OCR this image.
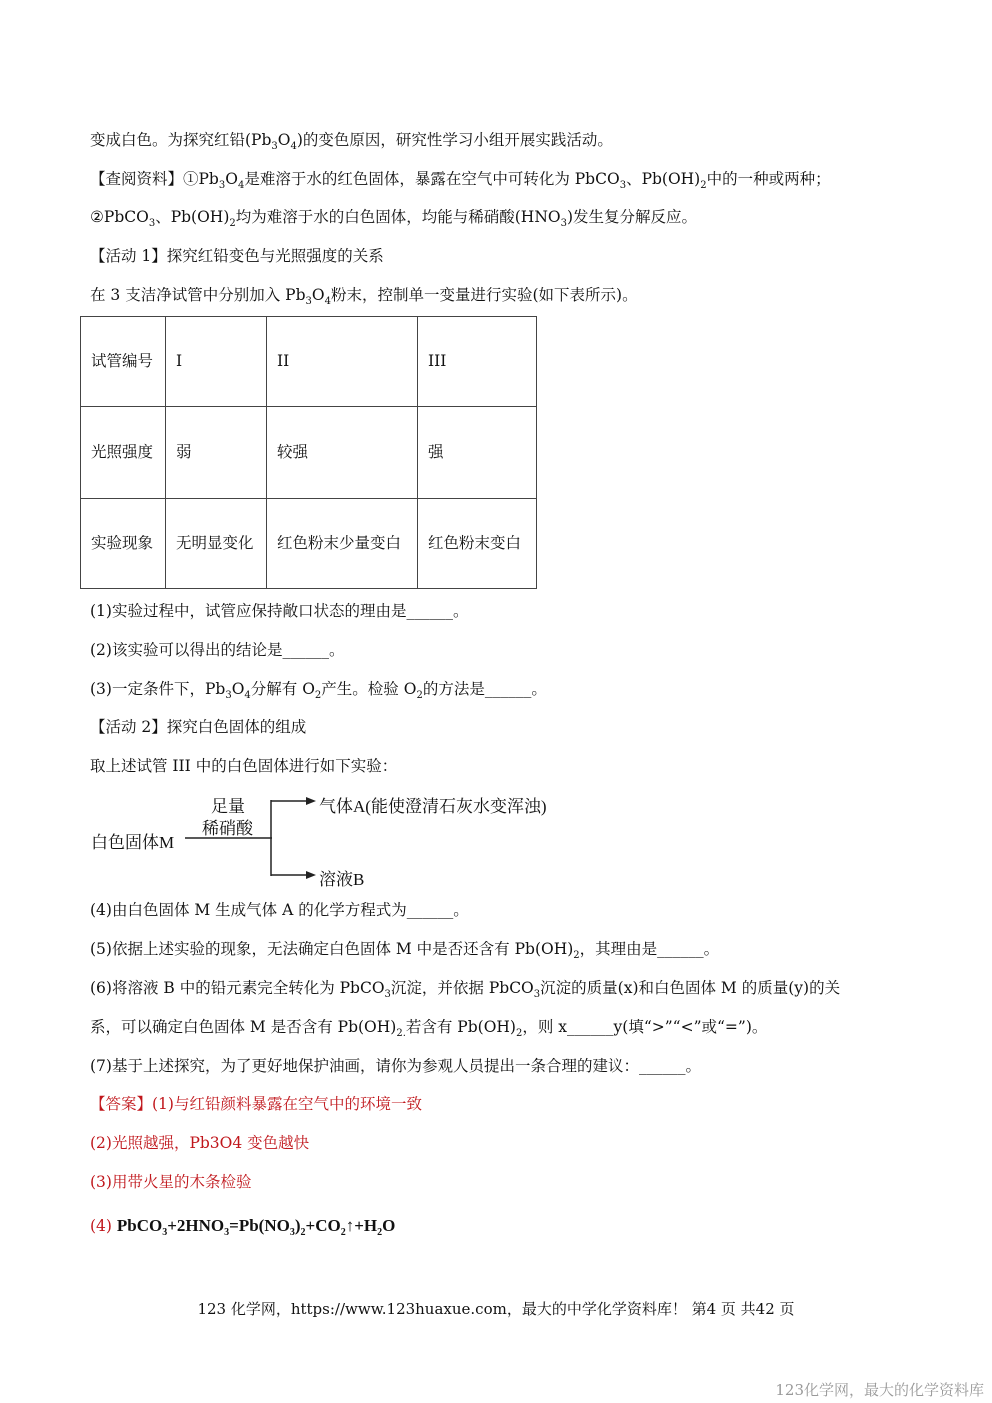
变成白色。为探究红铅$(Pb_3O_4)$的变色原因，研究性学习小组开展实践活动。
【查阅资料】$①Pb_3O_4$是难溶于水的红色固体，暴露在空气中可转化为 PbCO$_3$、$Pb(OH)_2$中的一种或两种；
②PbCO$_3$、$Pb(OH)_2$均为难溶于水的白色固体，均能与稀硝酸$(HNO_3)$发生复分解反应。
【活动 1】探究红铅变色与光照强度的关系
在 3 支洁净试管中分别加入 $Pb_3O_4$粉末，控制单一变量进行实验(如下表所示)。
(1)实验过程中，试管应保持敞口状态的理由是______。
(2)该实验可以得出的结论是______。
(3)一定条件下，$Pb_3O_4$分解有 $O_2$产生。检验 $O_2$的方法是______。
【活动 2】探究白色固体的组成
取上述试管 III 中的白色固体进行如下实验：
(4)由白色固体 M 生成气体 A 的化学方程式为______。
(5)依据上述实验的现象，无法确定白色固体 M 中是否还含有 $Pb(OH)_2$，其理由是______。
(6)将溶液 B 中的铅元素完全转化为 PbCO$_3$沉淀，并依据 PbCO$_3$沉淀的质量(x)和白色固体 M 的质量(y)的关
系，可以确定白色固体 M 是否含有 $Pb(OH)_{2.}$若含有 $Pb(OH)_2$，则 x______y(填“>”“<”或“=”)。
(7)基于上述探究，为了更好地保护油画，请你为参观人员提出一条合理的建议：______。
【答案】(1)与红铅颜料暴露在空气中的环境一致
(2)光照越强，Pb3O4 变色越快
(3)用带火星的木条检验
试管编号	I	II	III
光照强度	弱	较强	强
实验现象	无明显变化	红色粉末少量变白	红色粉末变白
白色固体M
足量
稀硝酸
气体A(能使澄清石灰水变浑浊)
溶液B
(4) $PbCO_3+2HNO_3=Pb(NO_3)_2+CO_2↑+H_2O$
123 化学网，https://www.123huaxue.com，最大的中学化学资料库！ 第4 页 共42 页
123化学网，最大的化学资料库
